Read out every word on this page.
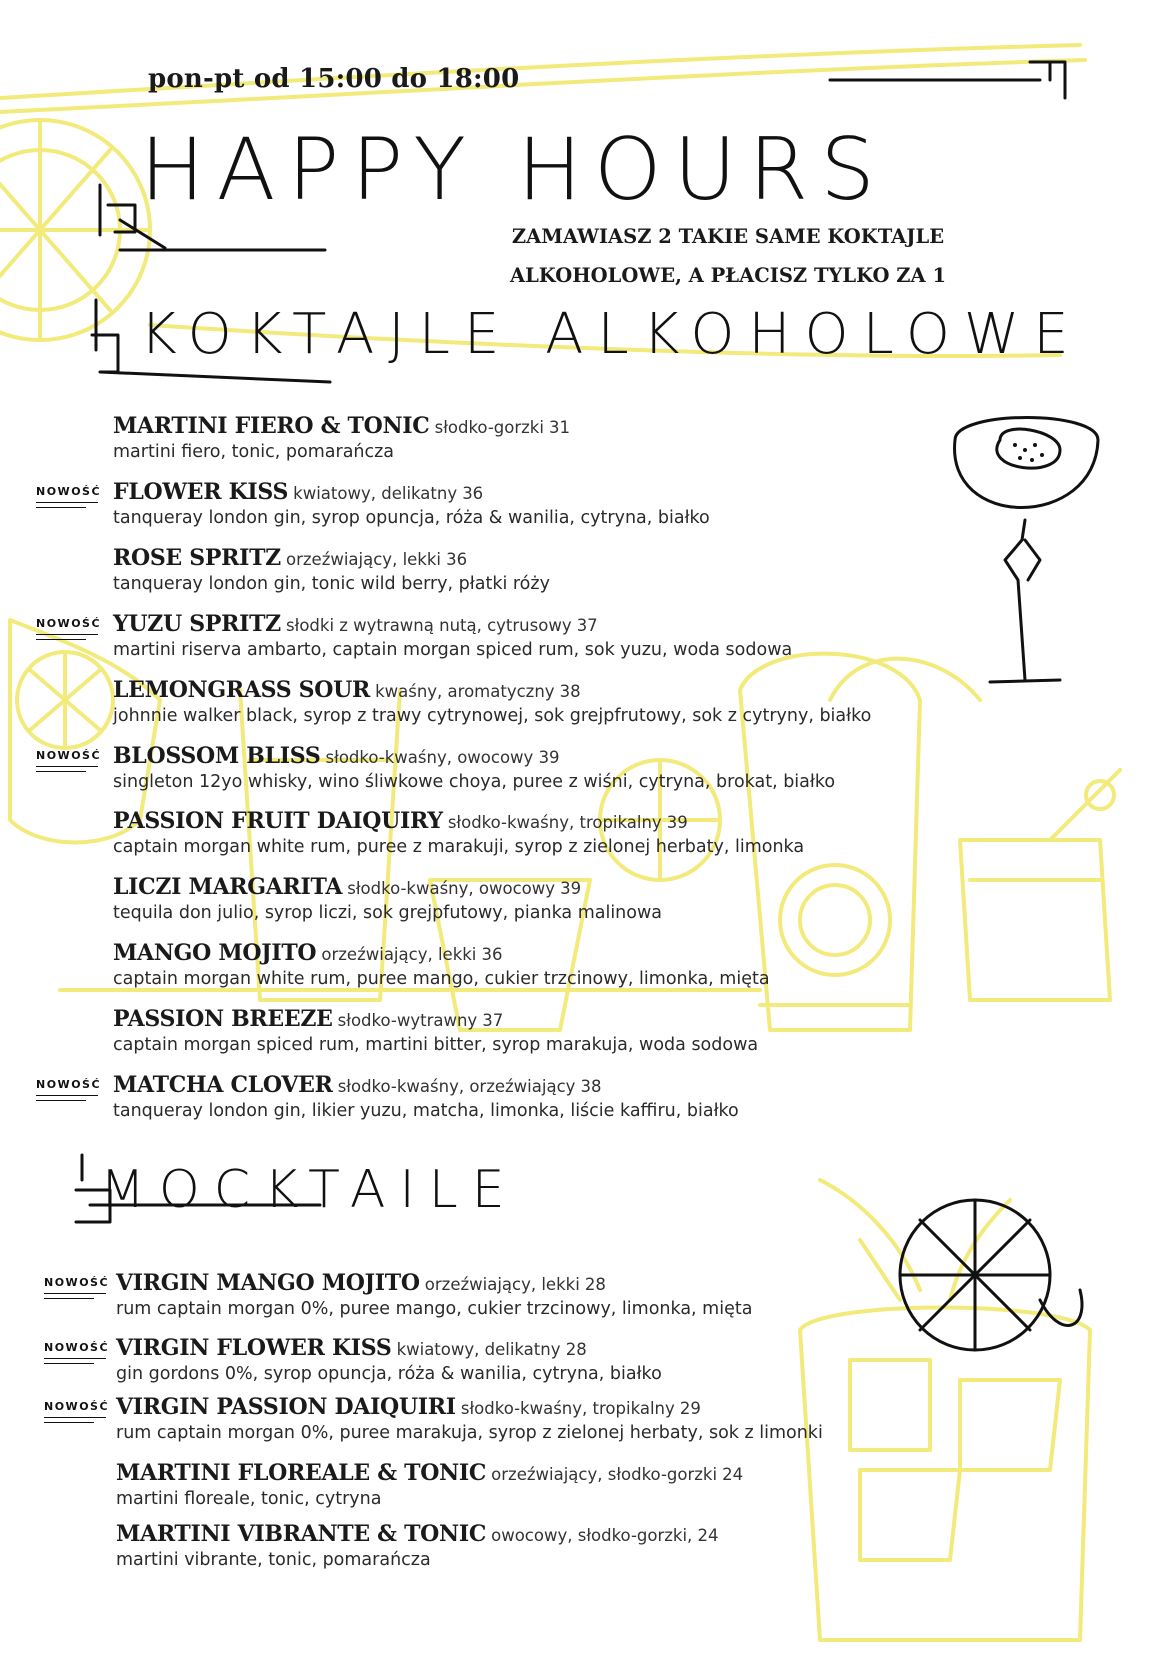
pon-pt od 15:00 do 18:00
HAPPY HOURS
ZAMAWIASZ 2 TAKIE SAME KOKTAJLE
ALKOHOLOWE, A PŁACISZ TYLKO ZA 1
KOKTAJLE ALKOHOLOWE
MARTINI FIERO & TONIC słodko-gorzki 31
martini fiero, tonic, pomarańcza
FLOWER KISS kwiatowy, delikatny 36
tanqueray london gin, syrop opuncja, róża & wanilia, cytryna, białko
NOWOŚĆ
ROSE SPRITZ orzeźwiający, lekki 36
tanqueray london gin, tonic wild berry, płatki róży
YUZU SPRITZ słodki z wytrawną nutą, cytrusowy 37
martini riserva ambarto, captain morgan spiced rum, sok yuzu, woda sodowa
NOWOŚĆ
LEMONGRASS SOUR kwaśny, aromatyczny 38
johnnie walker black, syrop z trawy cytrynowej, sok grejpfrutowy, sok z cytryny, białko
BLOSSOM BLISS słodko-kwaśny, owocowy 39
singleton 12yo whisky, wino śliwkowe choya, puree z wiśni, cytryna, brokat, białko
NOWOŚĆ
PASSION FRUIT DAIQUIRY słodko-kwaśny, tropikalny 39
captain morgan white rum, puree z marakuji, syrop z zielonej herbaty, limonka
LICZI MARGARITA słodko-kwaśny, owocowy 39
tequila don julio, syrop liczi, sok grejpfutowy, pianka malinowa
MANGO MOJITO orzeźwiający, lekki 36
captain morgan white rum, puree mango, cukier trzcinowy, limonka, mięta
PASSION BREEZE słodko-wytrawny 37
captain morgan spiced rum, martini bitter, syrop marakuja, woda sodowa
MATCHA CLOVER słodko-kwaśny, orzeźwiający 38
tanqueray london gin, likier yuzu, matcha, limonka, liście kaffiru, białko
NOWOŚĆ
MOCKTAILE
VIRGIN MANGO MOJITO orzeźwiający, lekki 28
rum captain morgan 0%, puree mango, cukier trzcinowy, limonka, mięta
NOWOŚĆ
VIRGIN FLOWER KISS kwiatowy, delikatny 28
gin gordons 0%, syrop opuncja, róża & wanilia, cytryna, białko
NOWOŚĆ
VIRGIN PASSION DAIQUIRI słodko-kwaśny, tropikalny 29
rum captain morgan 0%, puree marakuja, syrop z zielonej herbaty, sok z limonki
NOWOŚĆ
MARTINI FLOREALE & TONIC orzeźwiający, słodko-gorzki 24
martini floreale, tonic, cytryna
MARTINI VIBRANTE & TONIC owocowy, słodko-gorzki, 24
martini vibrante, tonic, pomarańcza
